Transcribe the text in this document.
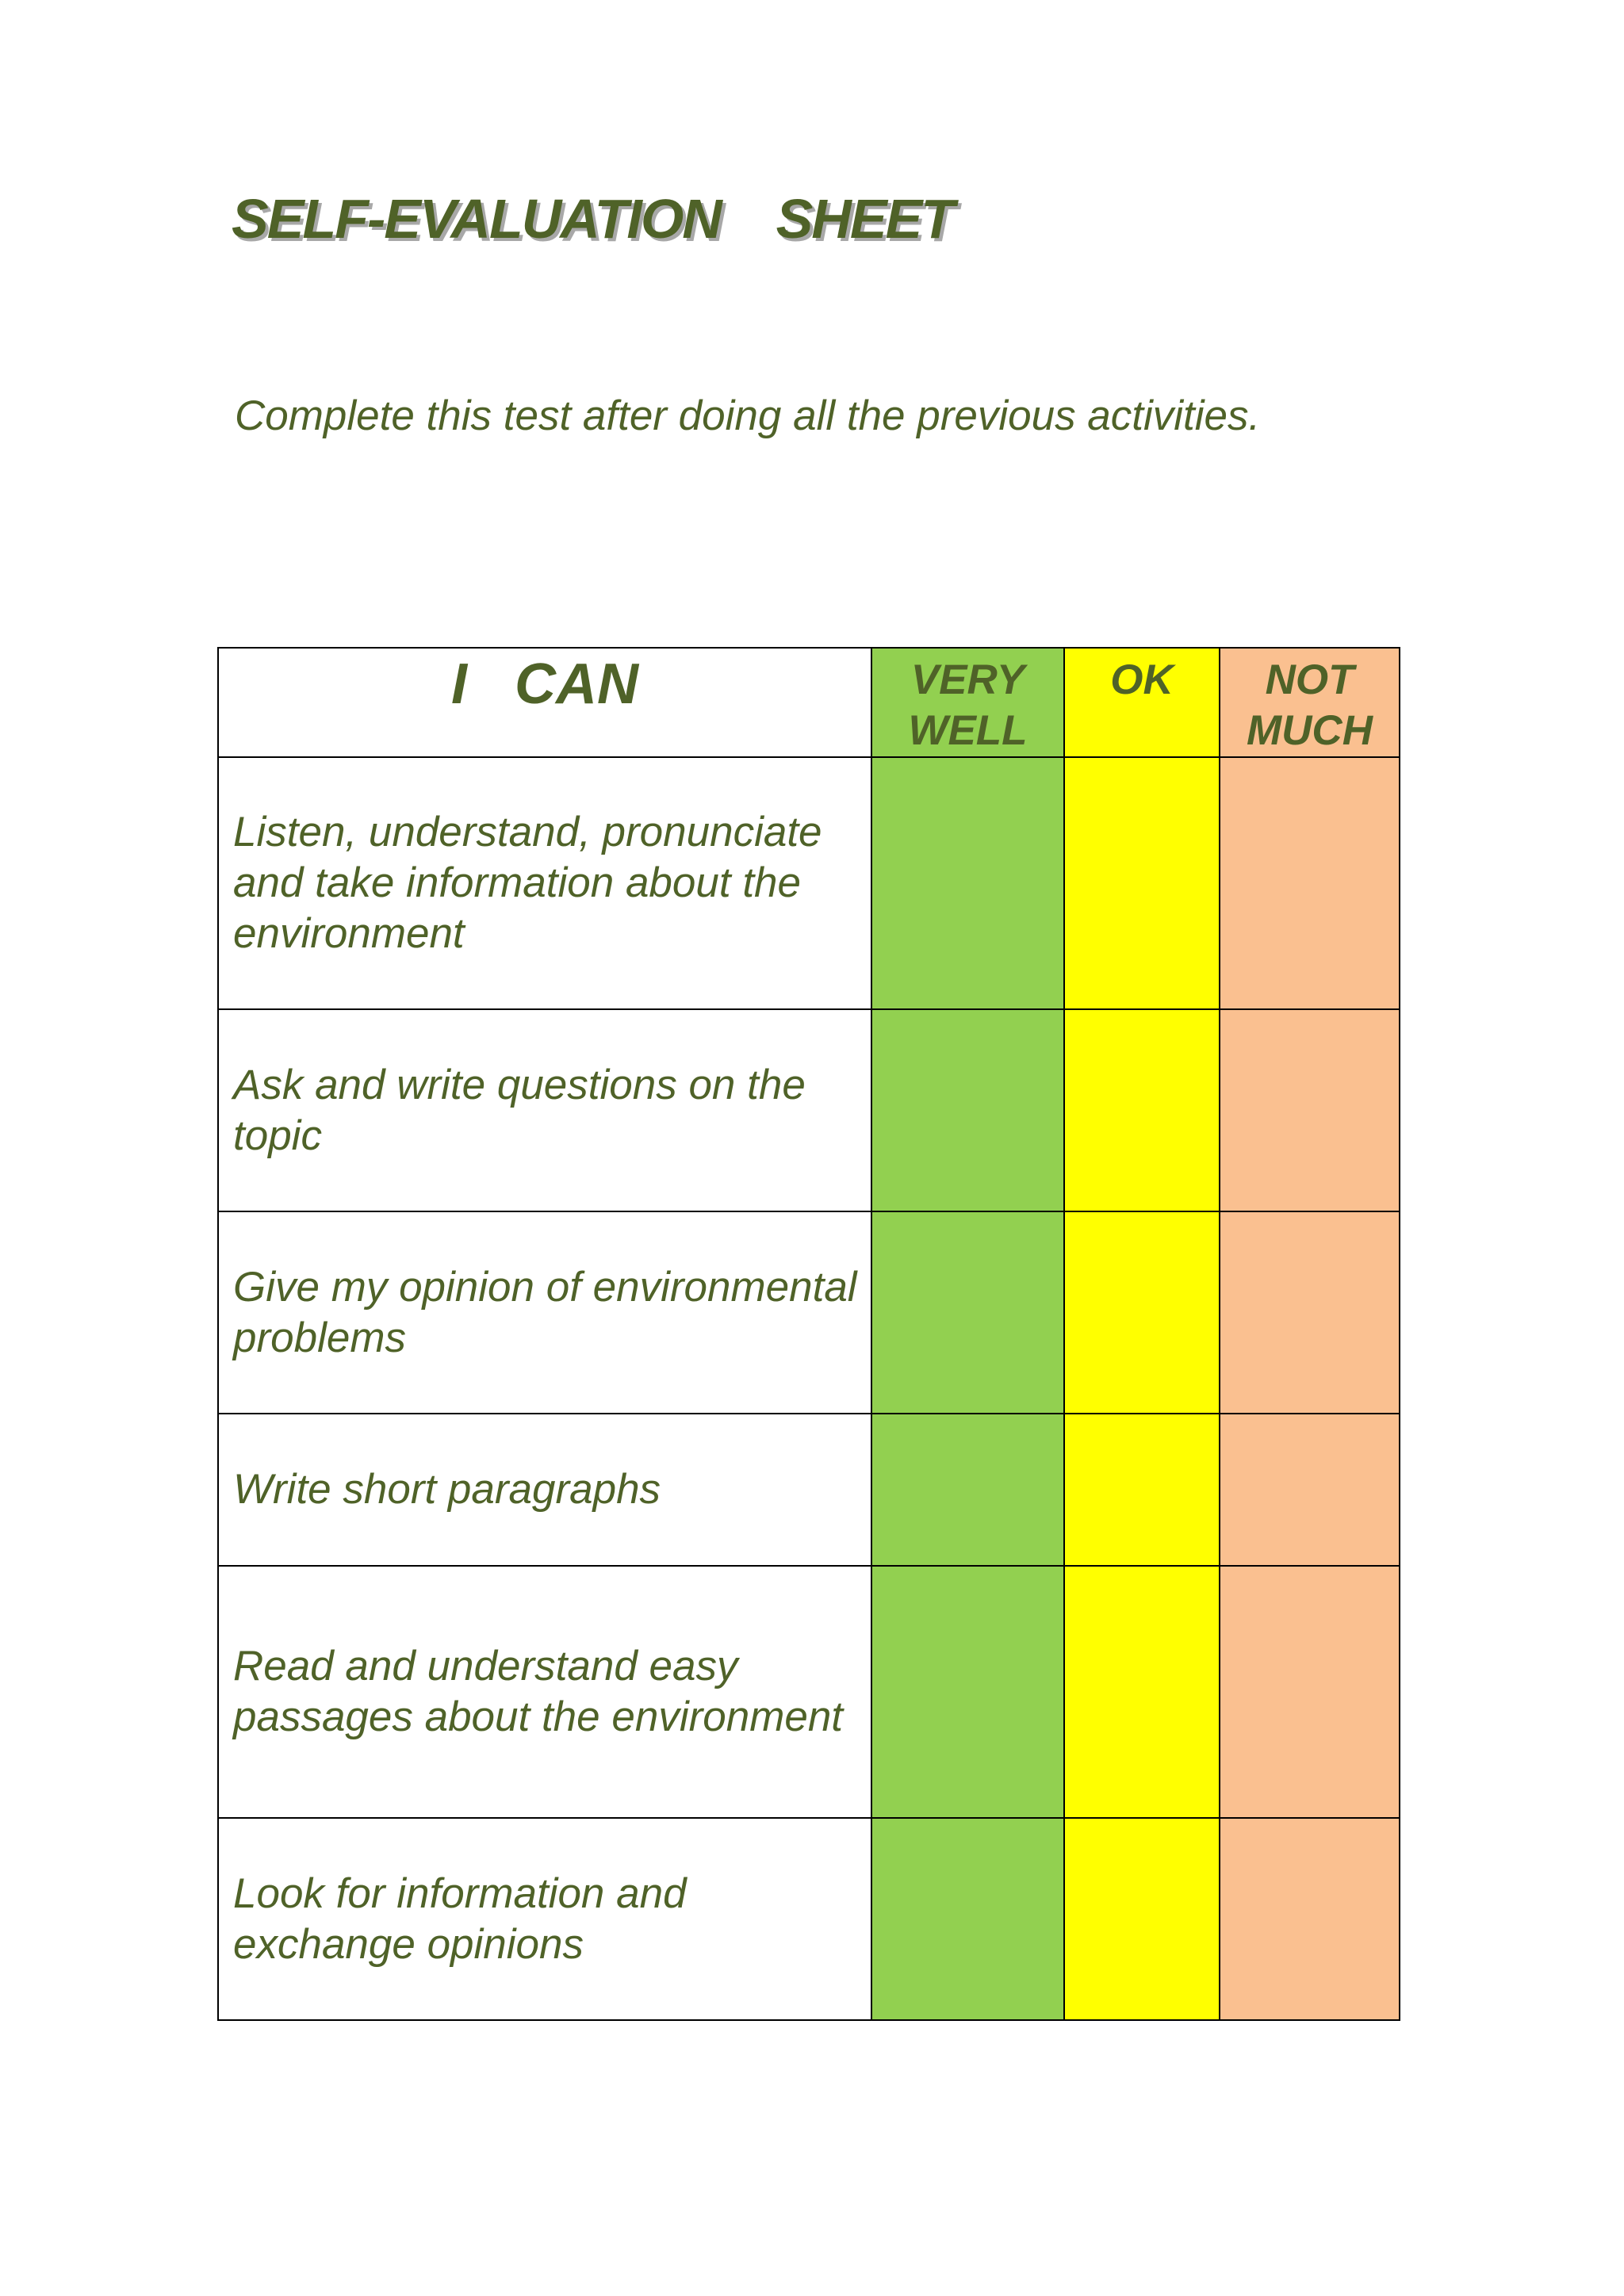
SELF-EVALUATION    SHEET

Complete this test after doing all the previous activities.

I   CAN	VERY WELL	OK	NOT MUCH
Listen, understand, pronunciate and take information about the environment			
Ask and write questions on the topic			
Give my opinion of environmental problems			
Write short paragraphs			
Read and understand easy passages about the environment			
Look for information and exchange opinions			
